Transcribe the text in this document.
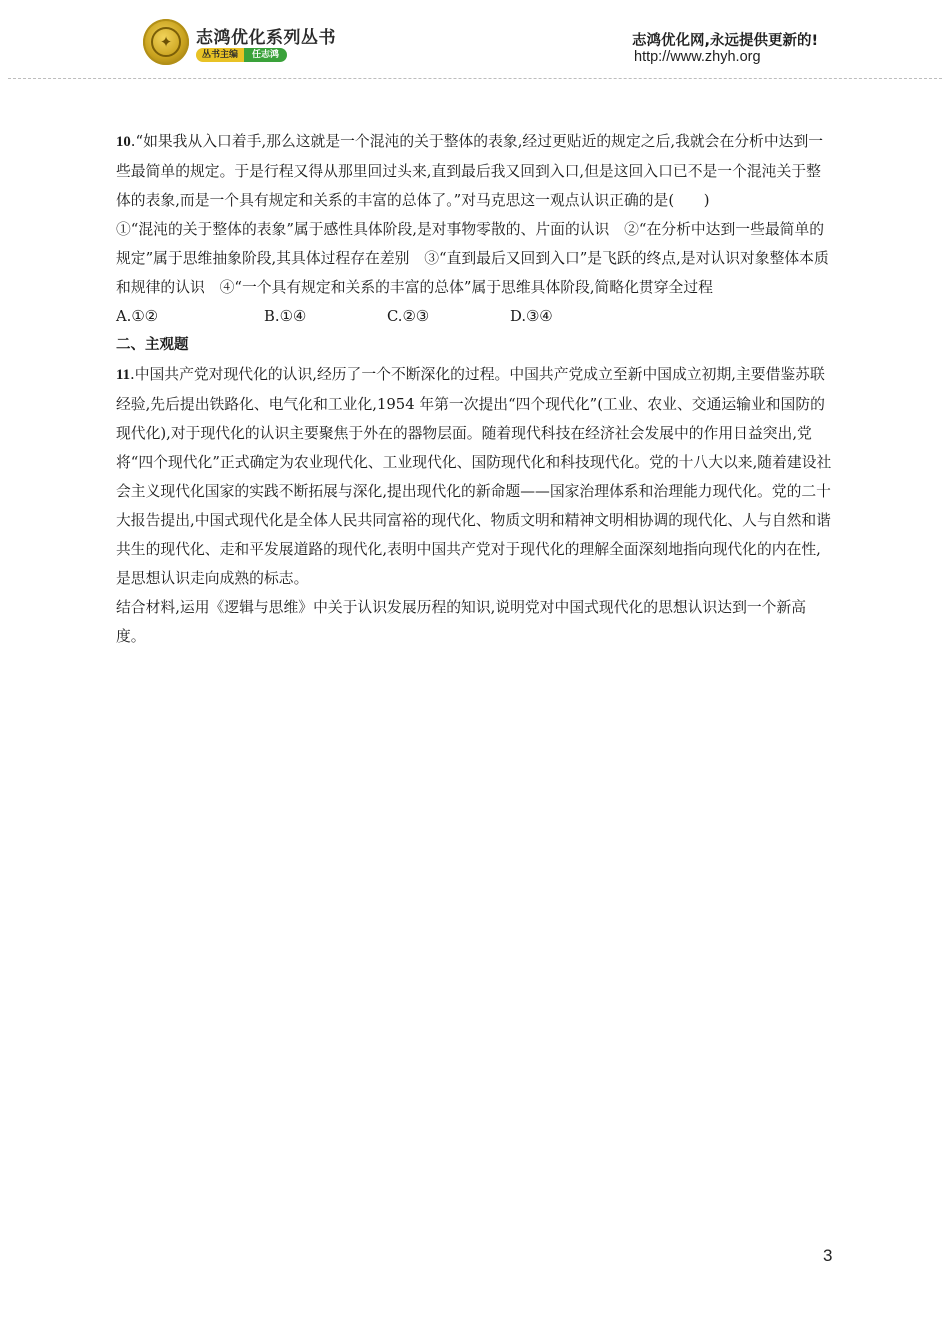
✦	志鸿优化系列丛书
丛书主编	任志鸿
志鸿优化网,永远提供更新的!
http://www.zhyh.org

10.“如果我从入口着手,那么这就是一个混沌的关于整体的表象,经过更贴近的规定之后,我就会在分析中达到一些最简单的规定。于是行程又得从那里回过头来,直到最后我又回到入口,但是这回入口已不是一个混沌关于整体的表象,而是一个具有规定和关系的丰富的总体了。”对马克思这一观点认识正确的是(　　)

①“混沌的关于整体的表象”属于感性具体阶段,是对事物零散的、片面的认识　②“在分析中达到一些最简单的规定”属于思维抽象阶段,其具体过程存在差别　③“直到最后又回到入口”是飞跃的终点,是对认识对象整体本质和规律的认识　④“一个具有规定和关系的丰富的总体”属于思维具体阶段,简略化贯穿全过程

A.①②	B.①④	C.②③	D.③④

二、主观题

11.中国共产党对现代化的认识,经历了一个不断深化的过程。中国共产党成立至新中国成立初期,主要借鉴苏联经验,先后提出铁路化、电气化和工业化,1954 年第一次提出“四个现代化”(工业、农业、交通运输业和国防的现代化),对于现代化的认识主要聚焦于外在的器物层面。随着现代科技在经济社会发展中的作用日益突出,党将“四个现代化”正式确定为农业现代化、工业现代化、国防现代化和科技现代化。党的十八大以来,随着建设社会主义现代化国家的实践不断拓展与深化,提出现代化的新命题——国家治理体系和治理能力现代化。党的二十大报告提出,中国式现代化是全体人民共同富裕的现代化、物质文明和精神文明相协调的现代化、人与自然和谐共生的现代化、走和平发展道路的现代化,表明中国共产党对于现代化的理解全面深刻地指向现代化的内在性,是思想认识走向成熟的标志。

结合材料,运用《逻辑与思维》中关于认识发展历程的知识,说明党对中国式现代化的思想认识达到一个新高度。

3
